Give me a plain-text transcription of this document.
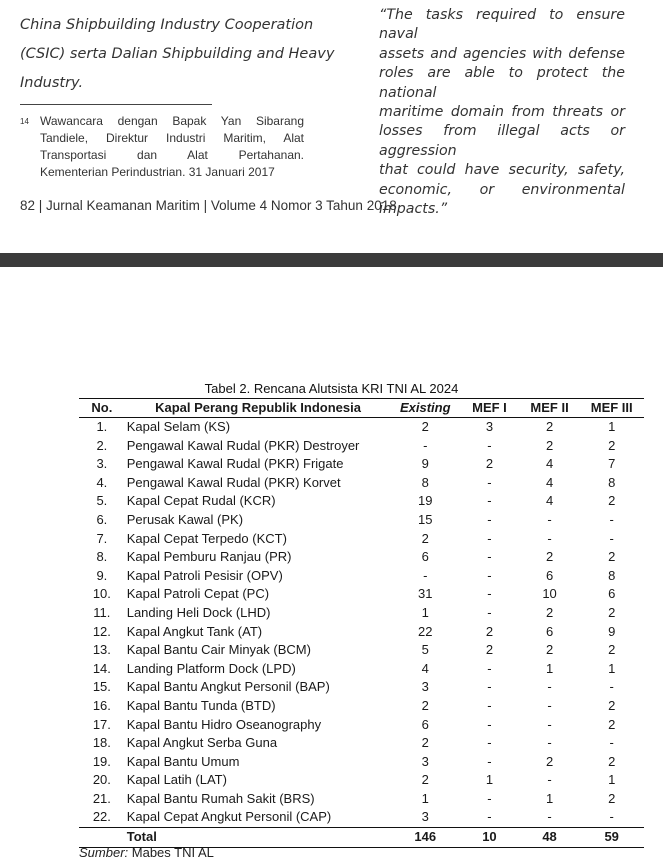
China Shipbuilding Industry Cooperation
(CSIC) serta Dalian Shipbuilding and Heavy
Industry.
14 Wawancara dengan Bapak Yan Sibarang
Tandiele, Direktur Industri Maritim, Alat
Transportasi dan Alat Pertahanan.
Kementerian Perindustrian. 31 Januari 2017
“The tasks required to ensure naval
assets and agencies with defense
roles are able to protect the national
maritime domain from threats or
losses from illegal acts or aggression
that could have security, safety,
economic, or environmental
impacts.”
82 | Jurnal Keamanan Maritim | Volume 4 Nomor 3 Tahun 2018
Tabel 2. Rencana Alutsista KRI TNI AL 2024
No.	Kapal Perang Republik Indonesia	Existing	MEF I	MEF II	MEF III
1.	Kapal Selam (KS)	2	3	2	1
2.	Pengawal Kawal Rudal (PKR) Destroyer	-	-	2	2
3.	Pengawal Kawal Rudal (PKR) Frigate	9	2	4	7
4.	Pengawal Kawal Rudal (PKR) Korvet	8	-	4	8
5.	Kapal Cepat Rudal (KCR)	19	-	4	2
6.	Perusak Kawal (PK)	15	-	-	-
7.	Kapal Cepat Terpedo (KCT)	2	-	-	-
8.	Kapal Pemburu Ranjau (PR)	6	-	2	2
9.	Kapal Patroli Pesisir (OPV)	-	-	6	8
10.	Kapal Patroli Cepat (PC)	31	-	10	6
11.	Landing Heli Dock (LHD)	1	-	2	2
12.	Kapal Angkut Tank (AT)	22	2	6	9
13.	Kapal Bantu Cair Minyak (BCM)	5	2	2	2
14.	Landing Platform Dock (LPD)	4	-	1	1
15.	Kapal Bantu Angkut Personil (BAP)	3	-	-	-
16.	Kapal Bantu Tunda (BTD)	2	-	-	2
17.	Kapal Bantu Hidro Oseanography	6	-	-	2
18.	Kapal Angkut Serba Guna	2	-	-	-
19.	Kapal Bantu Umum	3	-	2	2
20.	Kapal Latih (LAT)	2	1	-	1
21.	Kapal Bantu Rumah Sakit (BRS)	1	-	1	2
22.	Kapal Cepat Angkut Personil (CAP)	3	-	-	-
	Total	146	10	48	59
Sumber: Mabes TNI AL
